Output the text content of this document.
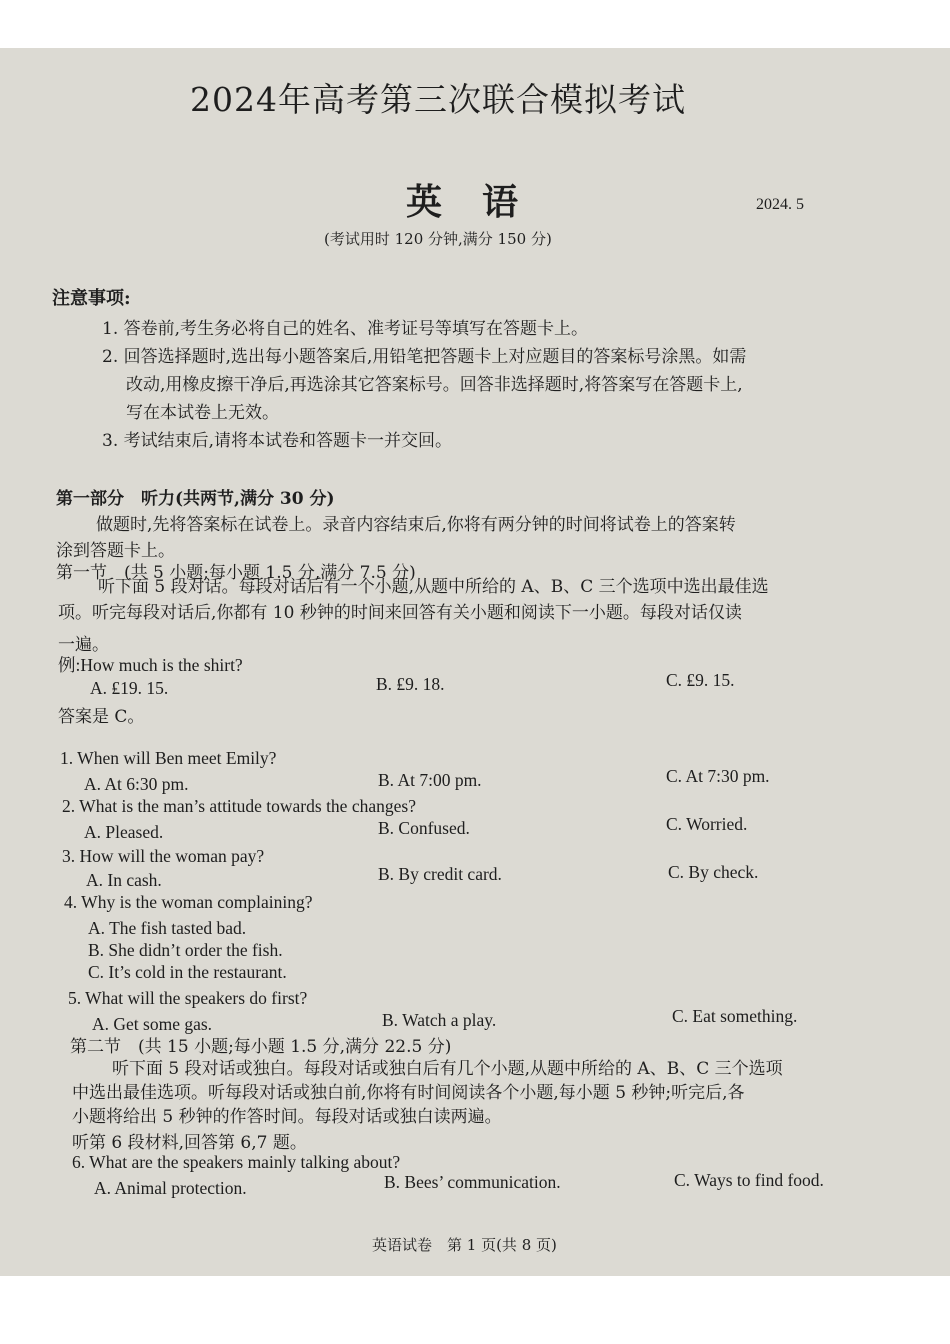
2024年高考第三次联合模拟考试
英语	2024. 5
(考试用时 120 分钟,满分 150 分)
注意事项:
1. 答卷前,考生务必将自己的姓名、准考证号等填写在答题卡上。
2. 回答选择题时,选出每小题答案后,用铅笔把答题卡上对应题目的答案标号涂黑。如需
改动,用橡皮擦干净后,再选涂其它答案标号。回答非选择题时,将答案写在答题卡上,
写在本试卷上无效。
3. 考试结束后,请将本试卷和答题卡一并交回。
第一部分　听力(共两节,满分 30 分)
做题时,先将答案标在试卷上。录音内容结束后,你将有两分钟的时间将试卷上的答案转
涂到答题卡上。
第一节　(共 5 小题;每小题 1.5 分,满分 7.5 分)
听下面 5 段对话。每段对话后有一个小题,从题中所给的 A、B、C 三个选项中选出最佳选
项。听完每段对话后,你都有 10 秒钟的时间来回答有关小题和阅读下一小题。每段对话仅读
一遍。
例:How much is the shirt?
A. ₤19. 15.	B. ₤9. 18.	C. ₤9. 15.
答案是 C。
1. When will Ben meet Emily?
A. At 6:30 pm.	B. At 7:00 pm.	C. At 7:30 pm.
2. What is the man’s attitude towards the changes?
A. Pleased.	B. Confused.	C. Worried.
3. How will the woman pay?
A. In cash.	B. By credit card.	C. By check.
4. Why is the woman complaining?
A. The fish tasted bad.
B. She didn’t order the fish.
C. It’s cold in the restaurant.
5. What will the speakers do first?
A. Get some gas.	B. Watch a play.	C. Eat something.
第二节　(共 15 小题;每小题 1.5 分,满分 22.5 分)
听下面 5 段对话或独白。每段对话或独白后有几个小题,从题中所给的 A、B、C 三个选项
中选出最佳选项。听每段对话或独白前,你将有时间阅读各个小题,每小题 5 秒钟;听完后,各
小题将给出 5 秒钟的作答时间。每段对话或独白读两遍。
听第 6 段材料,回答第 6,7 题。
6. What are the speakers mainly talking about?
A. Animal protection.	B. Bees’ communication.	C. Ways to find food.
英语试卷　第 1 页(共 8 页)
